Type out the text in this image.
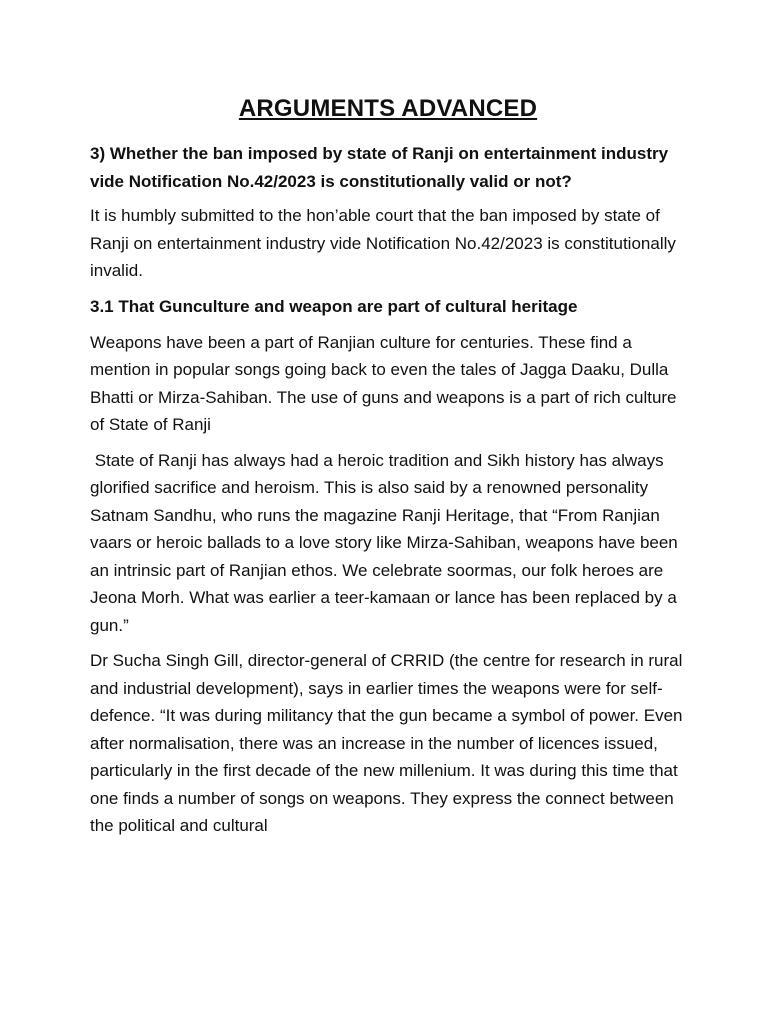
ARGUMENTS ADVANCED

3) Whether the ban imposed by state of Ranji on entertainment industry vide Notification No.42/2023 is constitutionally valid or not?

It is humbly submitted to the hon’able court that the ban imposed by state of Ranji on entertainment industry vide Notification No.42/2023 is constitutionally invalid.

3.1 That Gunculture and weapon are part of cultural heritage

Weapons have been a part of Ranjian culture for centuries. These find a mention in popular songs going back to even the tales of Jagga Daaku, Dulla Bhatti or Mirza-Sahiban. The use of guns and weapons is a part of rich culture of State of Ranji

State of Ranji has always had a heroic tradition and Sikh history has always glorified sacrifice and heroism. This is also said by a renowned personality Satnam Sandhu, who runs the magazine Ranji Heritage, that “From Ranjian vaars or heroic ballads to a love story like Mirza-Sahiban, weapons have been an intrinsic part of Ranjian ethos. We celebrate soormas, our folk heroes are Jeona Morh. What was earlier a teer-kamaan or lance has been replaced by a gun.”

Dr Sucha Singh Gill, director-general of CRRID (the centre for research in rural and industrial development), says in earlier times the weapons were for self-defence. “It was during militancy that the gun became a symbol of power. Even after normalisation, there was an increase in the number of licences issued, particularly in the first decade of the new millenium. It was during this time that one finds a number of songs on weapons. They express the connect between the political and cultural
